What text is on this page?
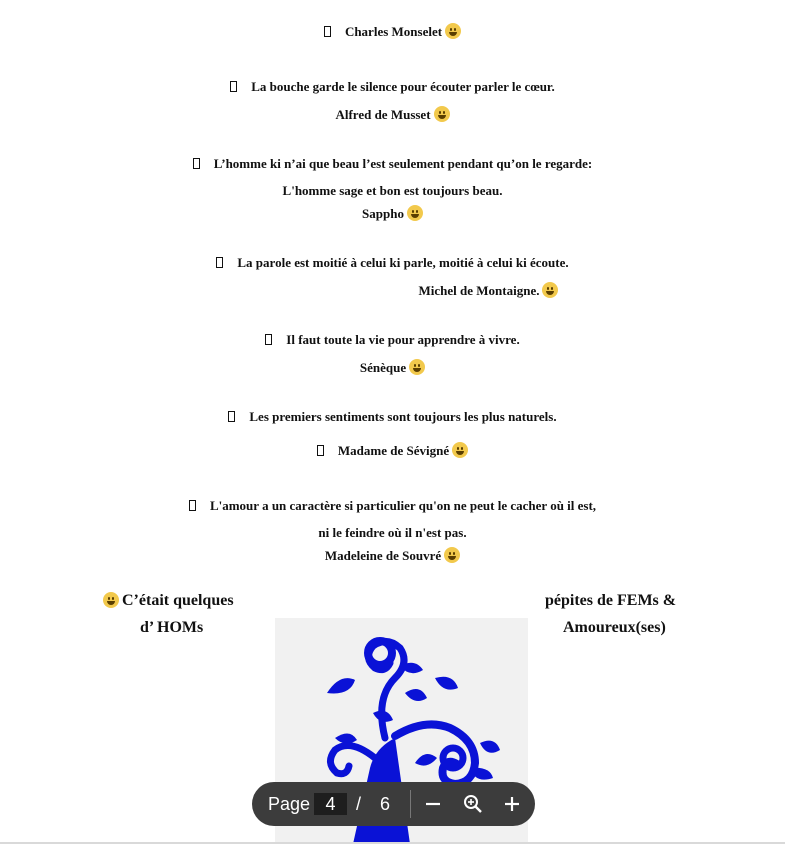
Charles Monselet
La bouche garde le silence pour écouter parler le cœur.
Alfred de Musset
L’homme ki n’ai que beau l’est seulement pendant qu’on le regarde:
L'homme sage et bon est toujours beau.
Sappho
La parole est moitié à celui ki parle, moitié à celui ki écoute.
Michel de Montaigne.
Il faut toute la vie pour apprendre à vivre.
Sénèque
Les premiers sentiments sont toujours les plus naturels.
Madame de Sévigné
L'amour a un caractère si particulier qu'on ne peut le cacher où il est,
ni le feindre où il n'est pas.
Madeleine de Souvré
C’était quelques
d’ HOMs
pépites de FEMs &
Amoureux(ses)
Page 4	/ 6
